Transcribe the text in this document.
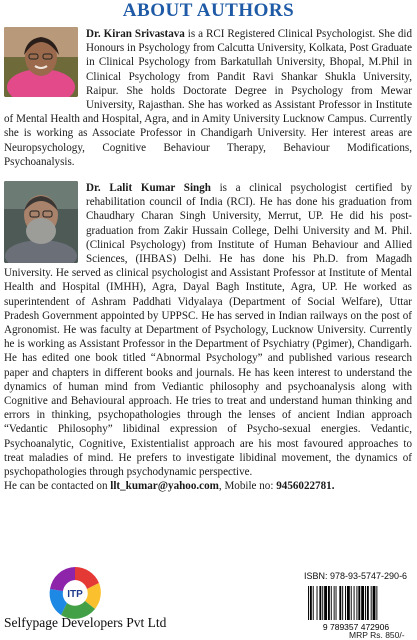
ABOUT AUTHORS
Dr. Kiran Srivastava is a RCI Registered Clinical Psychologist. She did Honours in Psychology from Calcutta University, Kolkata, Post Graduate in Clinical Psychology from Barkatullah University, Bhopal, M.Phil in Clinical Psychology from Pandit Ravi Shankar Shukla University, Raipur. She holds Doctorate Degree in Psychology from Mewar University, Rajasthan. She has worked as Assistant Professor in Institute of Mental Health and Hospital, Agra, and in Amity University Lucknow Campus. Currently she is working as Associate Professor in Chandigarh University. Her interest areas are Neuropsychology, Cognitive Behaviour Therapy, Behaviour Modifications, Psychoanalysis.
Dr. Lalit Kumar Singh is a clinical psychologist certified by rehabilitation council of India (RCI). He has done his graduation from Chaudhary Charan Singh University, Merrut, UP. He did his post-graduation from Zakir Hussain College, Delhi University and M. Phil. (Clinical Psychology) from Institute of Human Behaviour and Allied Sciences, (IHBAS) Delhi. He has done his Ph.D. from Magadh University. He served as clinical psychologist and Assistant Professor at Institute of Mental Health and Hospital (IMHH), Agra, Dayal Bagh Institute, Agra, UP. He worked as superintendent of Ashram Paddhati Vidyalaya (Department of Social Welfare), Uttar Pradesh Government appointed by UPPSC. He has served in Indian railways on the post of Agronomist. He was faculty at Department of Psychology, Lucknow University. Currently he is working as Assistant Professor in the Department of Psychiatry (Pgimer), Chandigarh. He has edited one book titled “Abnormal Psychology” and published various research paper and chapters in different books and journals. He has keen interest to understand the dynamics of human mind from Vediantic philosophy and psychoanalysis along with Cognitive and Behavioural approach. He tries to treat and understand human thinking and errors in thinking, psychopathologies through the lenses of ancient Indian approach “Vedantic Philosophy” libidinal expression of Psycho-sexual energies. Vedantic, Psychoanalytic, Cognitive, Existentialist approach are his most favoured approaches to treat maladies of mind. He prefers to investigate libidinal movement, the dynamics of psychopathologies through psychodynamic perspective.
He can be contacted on llt_kumar@yahoo.com, Mobile no: 9456022781.
ITP
Selfypage Developers Pvt Ltd
ISBN: 978-93-5747-290-6
9 789357 472906
MRP Rs. 850/-
